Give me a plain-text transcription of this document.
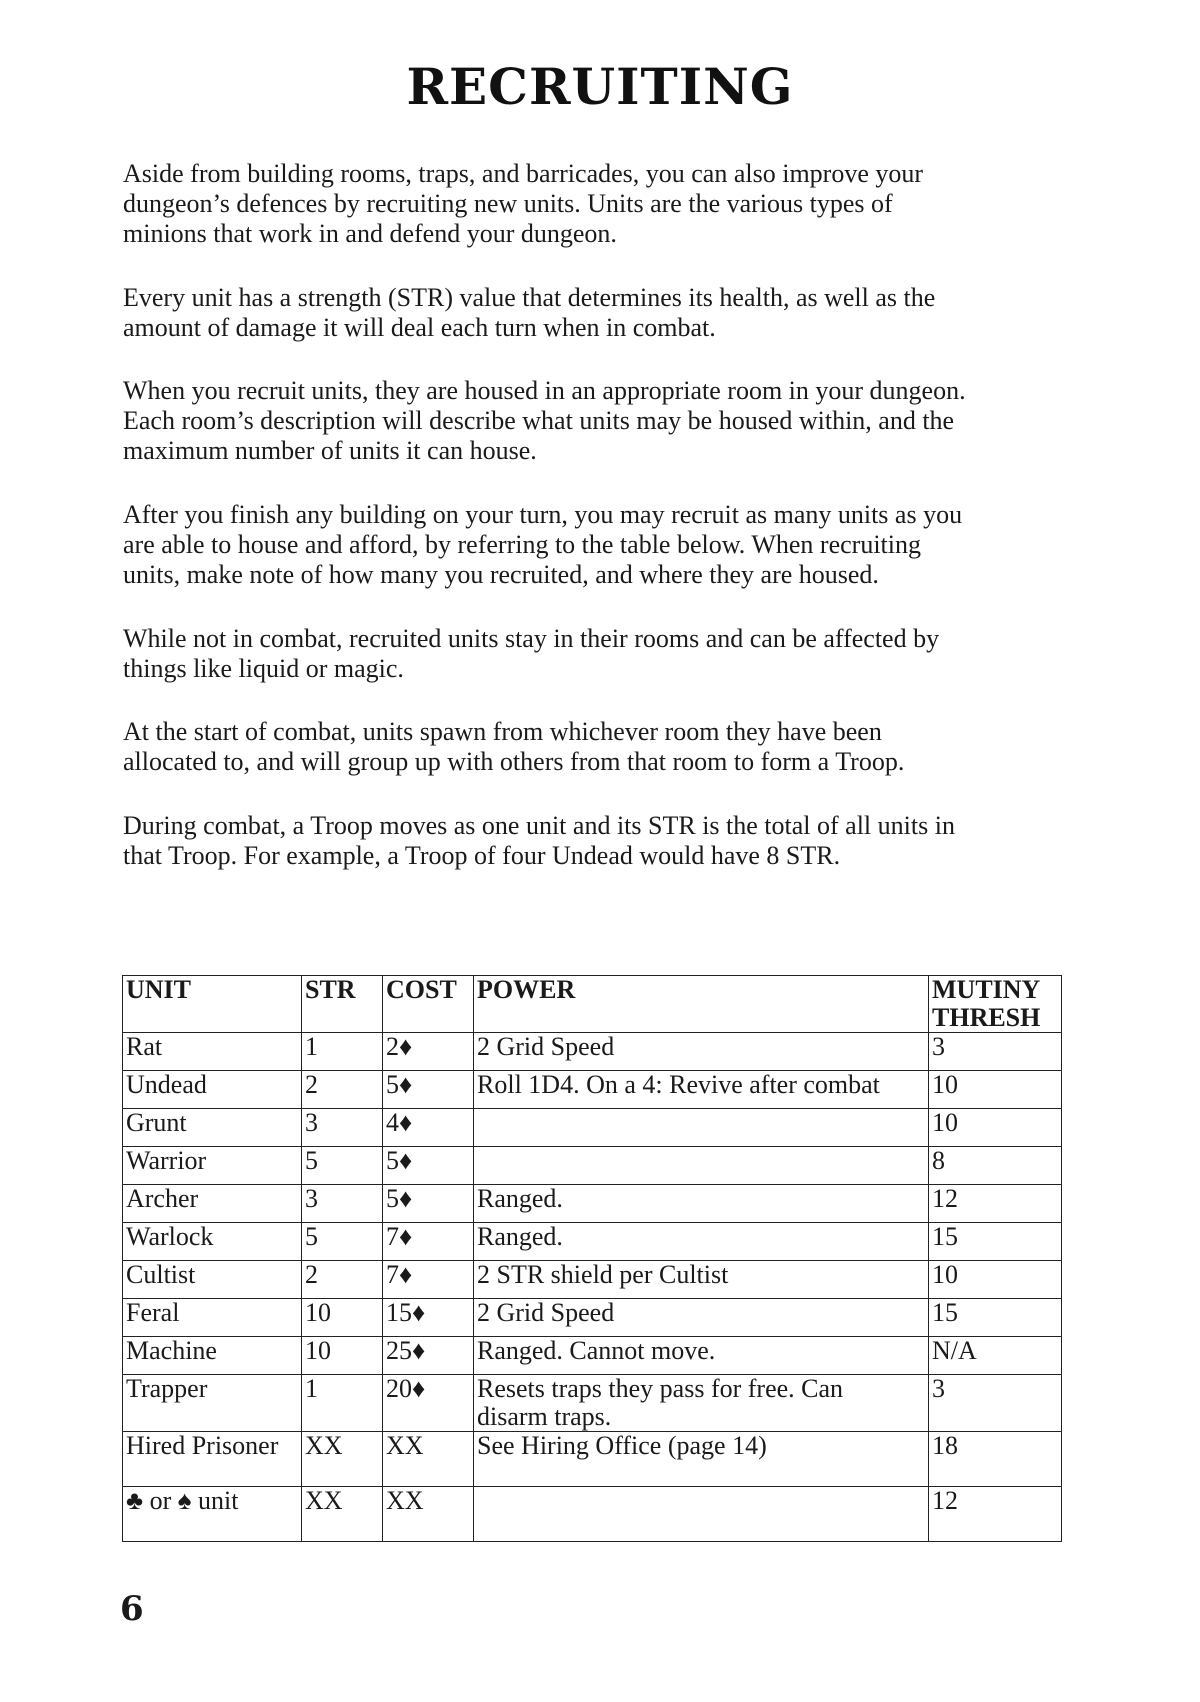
RECRUITING

Aside from building rooms, traps, and barricades, you can also improve your
dungeon’s defences by recruiting new units. Units are the various types of
minions that work in and defend your dungeon.

Every unit has a strength (STR) value that determines its health, as well as the
amount of damage it will deal each turn when in combat.

When you recruit units, they are housed in an appropriate room in your dungeon.
Each room’s description will describe what units may be housed within, and the
maximum number of units it can house.

After you finish any building on your turn, you may recruit as many units as you
are able to house and afford, by referring to the table below. When recruiting
units, make note of how many you recruited, and where they are housed.

While not in combat, recruited units stay in their rooms and can be affected by
things like liquid or magic.

At the start of combat, units spawn from whichever room they have been
allocated to, and will group up with others from that room to form a Troop.

During combat, a Troop moves as one unit and its STR is the total of all units in
that Troop. For example, a Troop of four Undead would have 8 STR.

UNIT	STR	COST	POWER	MUTINY
THRESH
Rat	1	2♦	2 Grid Speed	3
Undead	2	5♦	Roll 1D4. On a 4: Revive after combat	10
Grunt	3	4♦		10
Warrior	5	5♦		8
Archer	3	5♦	Ranged.	12
Warlock	5	7♦	Ranged.	15
Cultist	2	7♦	2 STR shield per Cultist	10
Feral	10	15♦	2 Grid Speed	15
Machine	10	25♦	Ranged. Cannot move.	N/A
Trapper	1	20♦	Resets traps they pass for free. Can
disarm traps.	3
Hired Prisoner	XX	XX	See Hiring Office (page 14)	18
♣ or ♠ unit	XX	XX		12
6
